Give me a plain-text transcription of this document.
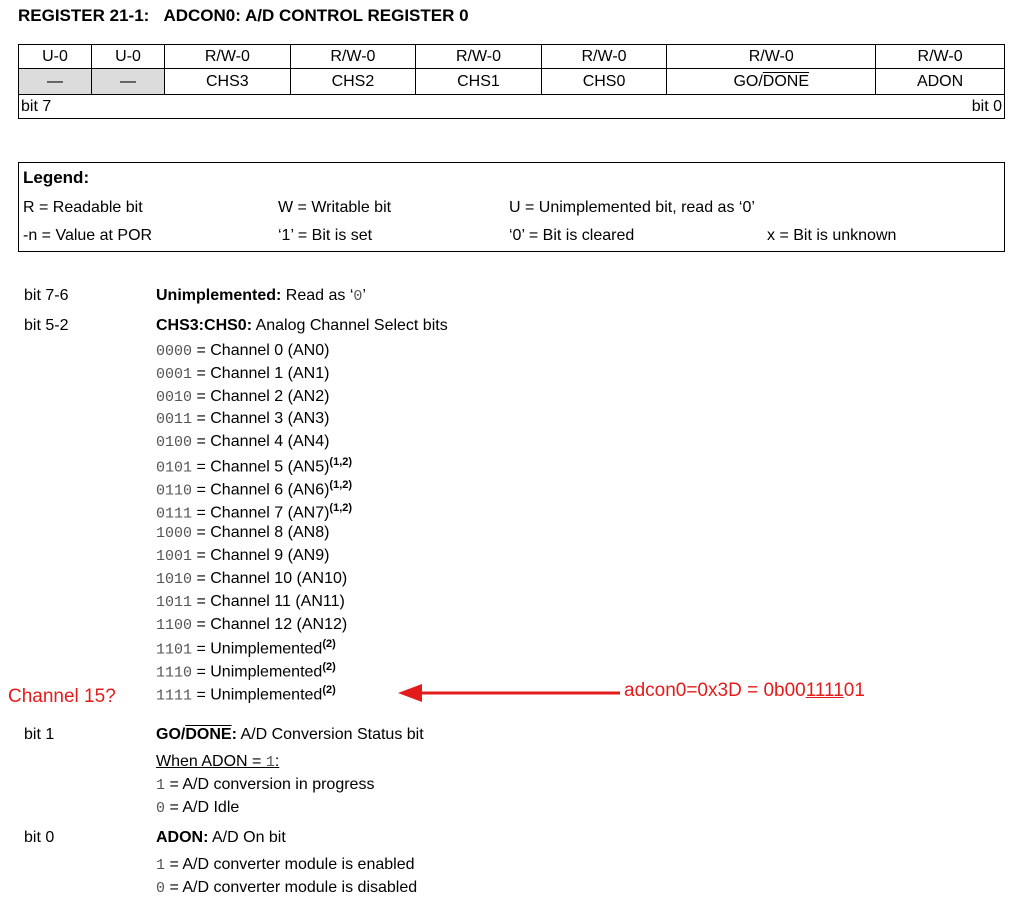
REGISTER 21-1:   ADCON0: A/D CONTROL REGISTER 0
U-0	U-0	R/W-0	R/W-0	R/W-0	R/W-0	R/W-0	R/W-0
—	—	CHS3	CHS2	CHS1	CHS0	GO/DONE	ADON
bit 7 bit 0							
Legend:
R = Readable bit	W = Writable bit	U = Unimplemented bit, read as ‘0’
-n = Value at POR	‘1’ = Bit is set	‘0’ = Bit is cleared	x = Bit is unknown
bit 7-6	Unimplemented: Read as ‘0’
bit 5-2	CHS3:CHS0: Analog Channel Select bits
0000 = Channel 0 (AN0)
0001 = Channel 1 (AN1)
0010 = Channel 2 (AN2)
0011 = Channel 3 (AN3)
0100 = Channel 4 (AN4)
0101 = Channel 5 $(AN5)^{(1,2)}$
0110 = Channel 6 $(AN6)^{(1,2)}$
0111 = Channel 7 $(AN7)^{(1,2)}$
1000 = Channel 8 (AN8)
1001 = Channel 9 (AN9)
1010 = Channel 10 (AN10)
1011 = Channel 11 (AN11)
1100 = Channel 12 (AN12)
1101 = Unimplemented$^{(2)}$
1110 = Unimplemented$^{(2)}$
1111 = Unimplemented$^{(2)}$
bit 1	GO/DONE: A/D Conversion Status bit
When ADON = 1:
1 = A/D conversion in progress
0 = A/D Idle
bit 0	ADON: A/D On bit
1 = A/D converter module is enabled
0 = A/D converter module is disabled
Channel 15?	adcon0=0x3D = 0b00111101
